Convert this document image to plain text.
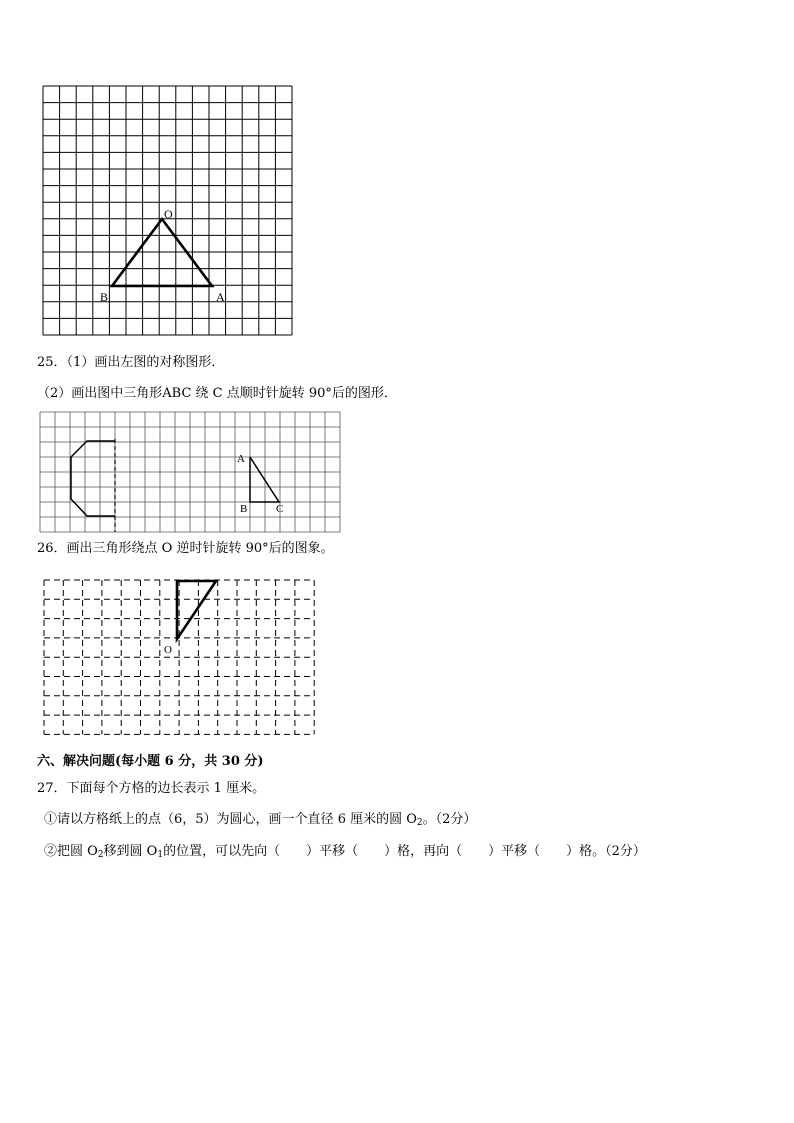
O
B	A
25．（1）画出左图的对称图形．
（2）画出图中三角形ABC 绕 C 点顺时针旋转 90°后的图形．
A
B	C
26．画出三角形绕点 O 逆时针旋转 90°后的图象。
O
六、解决问题(每小题 6 分，共 30 分)
27．下面每个方格的边长表示 1 厘米。
①请以方格纸上的点（6，5）为圆心，画一个直径 6 厘米的圆 $O_2$。（2分）
②把圆 $O_2$移到圆 $O_1$的位置，可以先向（　　）平移（　　）格，再向（　　）平移（　　）格。（2分）
